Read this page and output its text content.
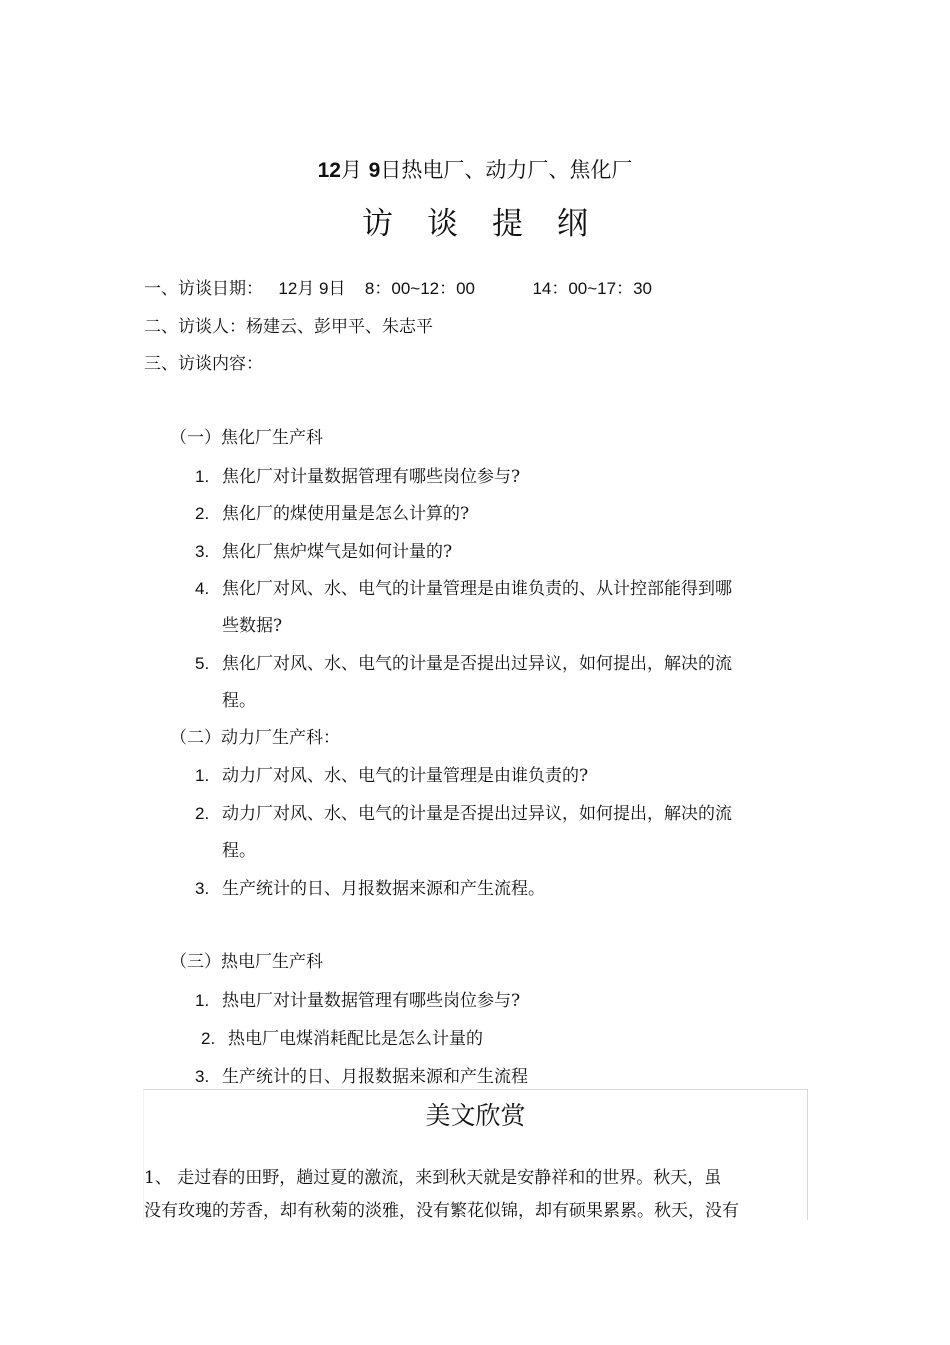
12月 9日热电厂、动力厂、焦化厂
访谈提纲
一、访谈日期： 12月 9日 8：00~12：00	14：00~17：30
二、访谈人：杨建云、彭甲平、朱志平
三、访谈内容：
（一）焦化厂生产科
1. 焦化厂对计量数据管理有哪些岗位参与?
2. 焦化厂的煤使用量是怎么计算的?
3. 焦化厂焦炉煤气是如何计量的?
4. 焦化厂对风、水、电气的计量管理是由谁负责的、从计控部能得到哪
些数据?
5. 焦化厂对风、水、电气的计量是否提出过异议，如何提出，解决的流
程。
（二）动力厂生产科：
1. 动力厂对风、水、电气的计量管理是由谁负责的?
2. 动力厂对风、水、电气的计量是否提出过异议，如何提出，解决的流
程。
3. 生产统计的日、月报数据来源和产生流程。
（三）热电厂生产科
1. 热电厂对计量数据管理有哪些岗位参与?
2. 热电厂电煤消耗配比是怎么计量的
3. 生产统计的日、月报数据来源和产生流程
美文欣赏
1、 走过春的田野，趟过夏的激流，来到秋天就是安静祥和的世界。秋天，虽
没有玫瑰的芳香，却有秋菊的淡雅，没有繁花似锦，却有硕果累累。秋天，没有
